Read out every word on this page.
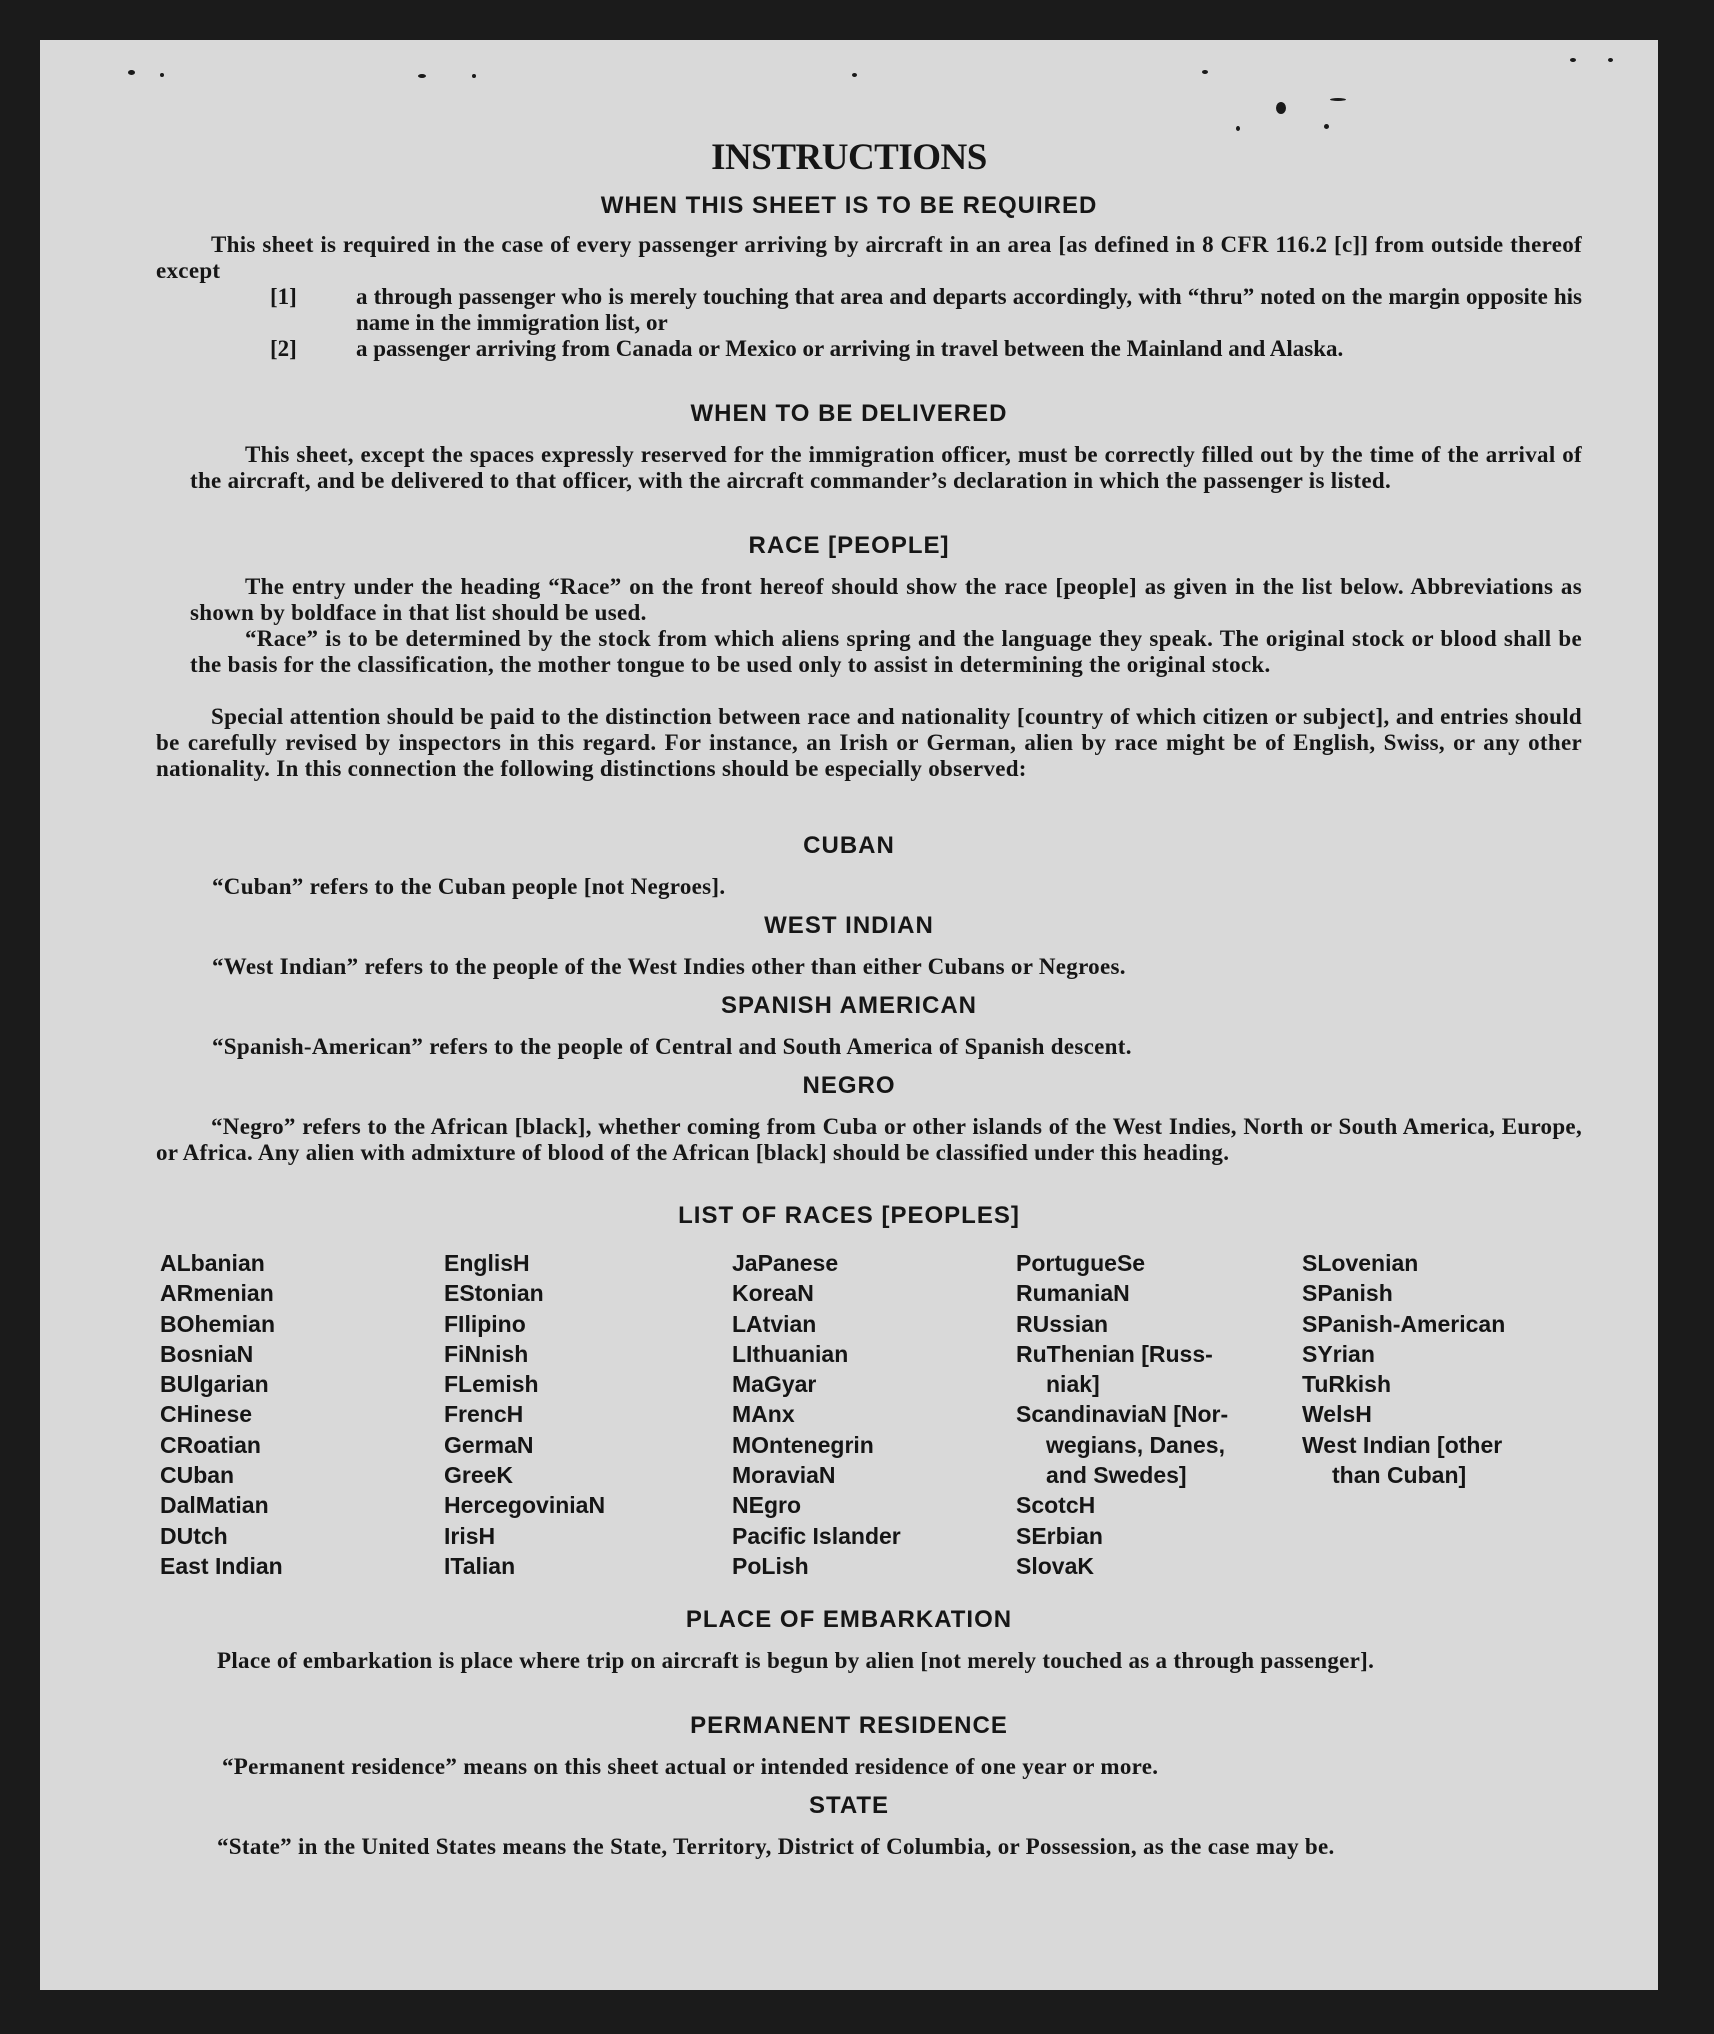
INSTRUCTIONS
WHEN THIS SHEET IS TO BE REQUIRED
This sheet is required in the case of every passenger arriving by aircraft in an area [as defined in 8 CFR 116.2 [c]] from outside thereof except
[1]	a through passenger who is merely touching that area and departs accordingly, with “thru” noted on the margin opposite his name in the immigration list, or
[2]	a passenger arriving from Canada or Mexico or arriving in travel between the Mainland and Alaska.
WHEN TO BE DELIVERED
This sheet, except the spaces expressly reserved for the immigration officer, must be correctly filled out by the time of the arrival of the aircraft, and be delivered to that officer, with the aircraft commander’s declaration in which the passenger is listed.
RACE [PEOPLE]
The entry under the heading “Race” on the front hereof should show the race [people] as given in the list below. Abbreviations as shown by boldface in that list should be used.
“Race” is to be determined by the stock from which aliens spring and the language they speak. The original stock or blood shall be the basis for the classification, the mother tongue to be used only to assist in determining the original stock.
Special attention should be paid to the distinction between race and nationality [country of which citizen or subject], and entries should be carefully revised by inspectors in this regard. For instance, an Irish or German, alien by race might be of English, Swiss, or any other nationality. In this connection the following distinctions should be especially observed:
CUBAN
“Cuban” refers to the Cuban people [not Negroes].
WEST INDIAN
“West Indian” refers to the people of the West Indies other than either Cubans or Negroes.
SPANISH AMERICAN
“Spanish-American” refers to the people of Central and South America of Spanish descent.
NEGRO
“Negro” refers to the African [black], whether coming from Cuba or other islands of the West Indies, North or South America, Europe, or Africa. Any alien with admixture of blood of the African [black] should be classified under this heading.
LIST OF RACES [PEOPLES]
ALbanian
ARmenian
BOhemian
BosniaN
BUlgarian
CHinese
CRoatian
CUban
DalMatian
DUtch
East Indian
EnglisH
EStonian
FIlipino
FiNnish
FLemish
FrencH
GermaN
GreeK
HercegoviniaN
IrisH
ITalian
JaPanese
KoreaN
LAtvian
LIthuanian
MaGyar
MAnx
MOntenegrin
MoraviaN
NEgro
Pacific Islander
PoLish
PortugueSe
RumaniaN
RUssian
RuThenian [Russ-
niak]
ScandinaviaN [Nor-
wegians, Danes,
and Swedes]
ScotcH
SErbian
SlovaK
SLovenian
SPanish
SPanish-American
SYrian
TuRkish
WelsH
West Indian [other
than Cuban]
PLACE OF EMBARKATION
Place of embarkation is place where trip on aircraft is begun by alien [not merely touched as a through passenger].
PERMANENT RESIDENCE
“Permanent residence” means on this sheet actual or intended residence of one year or more.
STATE
“State” in the United States means the State, Territory, District of Columbia, or Possession, as the case may be.
